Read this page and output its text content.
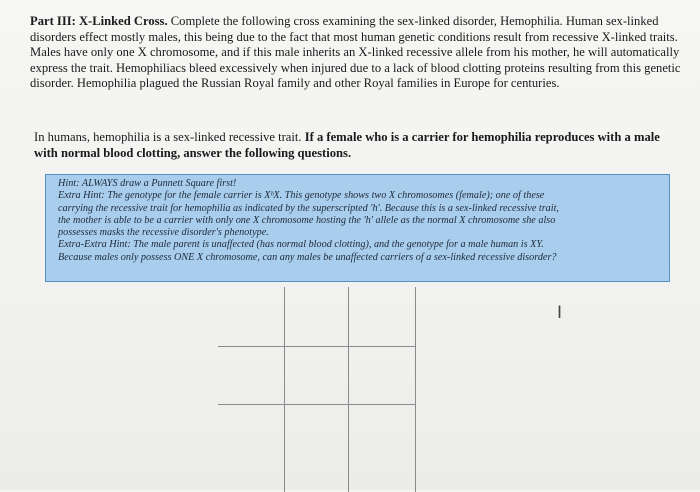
Part III: X-Linked Cross. Complete the following cross examining the sex-linked disorder, Hemophilia. Human sex-linked disorders effect mostly males, this being due to the fact that most human genetic conditions result from recessive X-linked traits. Males have only one X chromosome, and if this male inherits an X-linked recessive allele from his mother, he will automatically express the trait. Hemophiliacs bleed excessively when injured due to a lack of blood clotting proteins resulting from this genetic disorder. Hemophilia plagued the Russian Royal family and other Royal families in Europe for centuries.
In humans, hemophilia is a sex-linked recessive trait. If a female who is a carrier for hemophilia reproduces with a male with normal blood clotting, answer the following questions.
Hint: ALWAYS draw a Punnett Square first!
Extra Hint: The genotype for the female carrier is XʰX. This genotype shows two X chromosomes (female); one of these
carrying the recessive trait for hemophilia as indicated by the superscripted 'h'. Because this is a sex-linked recessive trait,
the mother is able to be a carrier with only one X chromosome hosting the 'h' allele as the normal X chromosome she also
possesses masks the recessive disorder's phenotype.
Extra-Extra Hint: The male parent is unaffected (has normal blood clotting), and the genotype for a male human is XY.
Because males only possess ONE X chromosome, can any males be unaffected carriers of a sex-linked recessive disorder?
I
